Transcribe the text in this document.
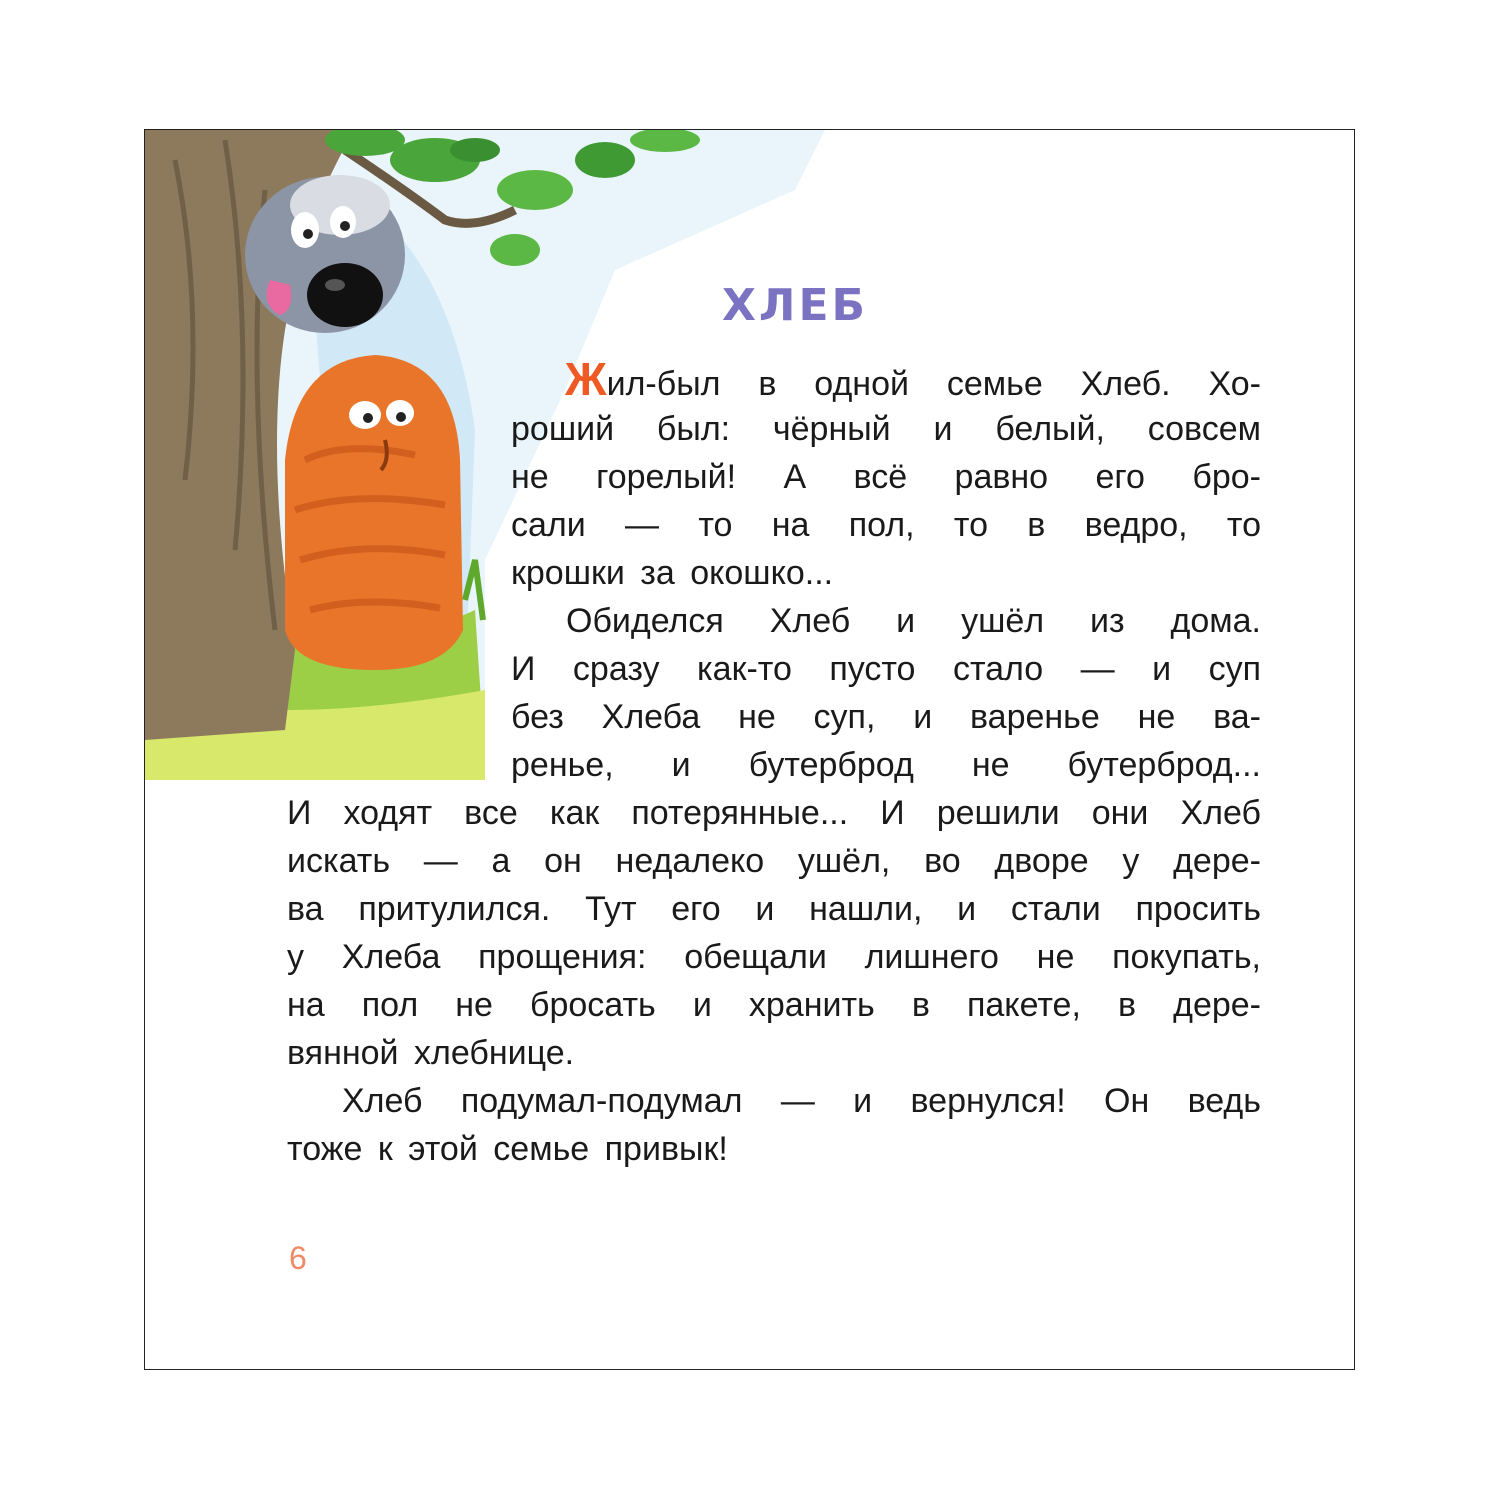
ХЛЕБ
Жил-был в одной семье Хлеб. Хо-
роший был: чёрный и белый, совсем
не горелый! А всё равно его бро-
сали — то на пол, то в ведро, то
крошки за окошко...
Обиделся Хлеб и ушёл из дома.
И сразу как-то пусто стало — и суп
без Хлеба не суп, и варенье не ва-
ренье, и бутерброд не бутерброд...
И ходят все как потерянные... И решили они Хлеб
искать — а он недалеко ушёл, во дворе у дере-
ва притулился. Тут его и нашли, и стали просить
у Хлеба прощения: обещали лишнего не покупать,
на пол не бросать и хранить в пакете, в дере-
вянной хлебнице.
Хлеб подумал-подумал — и вернулся! Он ведь
тоже к этой семье привык!
6
